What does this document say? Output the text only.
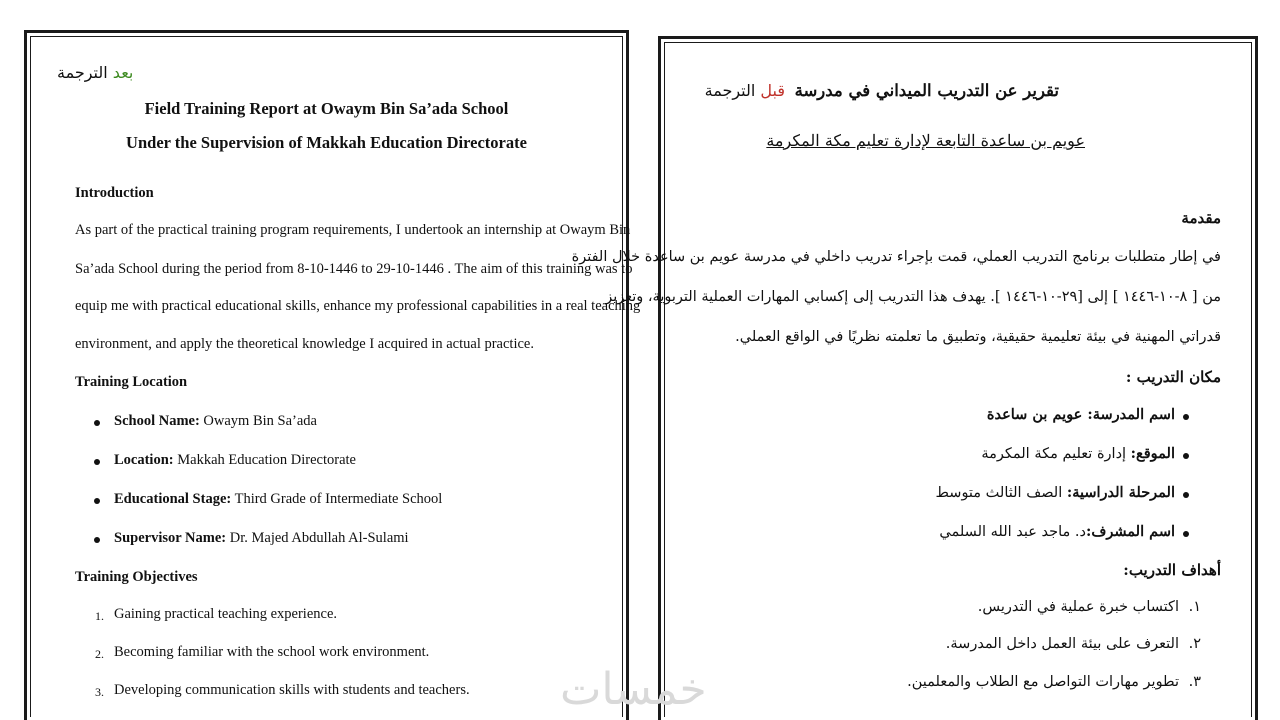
بعد الترجمة
Field Training Report at Owaym Bin Sa’ada School
Under the Supervision of Makkah Education Directorate
Introduction
As part of the practical training program requirements, I undertook an internship at Owaym Bin
Sa’ada School during the period from 8-10-1446 to 29-10-1446 . The aim of this training was to
equip me with practical educational skills, enhance my professional capabilities in a real teaching
environment, and apply the theoretical knowledge I acquired in actual practice.
Training Location
School Name: Owaym Bin Sa’ada
Location: Makkah Education Directorate
Educational Stage: Third Grade of Intermediate School
Supervisor Name: Dr. Majed Abdullah Al-Sulami
Training Objectives
1. Gaining practical teaching experience.
2. Becoming familiar with the school work environment.
3. Developing communication skills with students and teachers.
تقرير عن التدريب الميداني في مدرسة
قبل الترجمة
عويم بن ساعدة التابعة لإدارة تعليم مكة المكرمة
مقدمة
في إطار متطلبات برنامج التدريب العملي، قمت بإجراء تدريب داخلي في مدرسة عويم بن ساعدة خلال الفترة
من [ ٨-١٠-١٤٤٦ ] إلى [٢٩-١٠-١٤٤٦ ]. يهدف هذا التدريب إلى إكسابي المهارات العملية التربوية، وتعزيز
قدراتي المهنية في بيئة تعليمية حقيقية، وتطبيق ما تعلمته نظريًا في الواقع العملي.
مكان التدريب :
اسم المدرسة: عويم بن ساعدة
الموقع: إدارة تعليم مكة المكرمة
المرحلة الدراسية: الصف الثالث متوسط
اسم المشرف:د. ماجد عبد الله السلمي
أهداف التدريب:
١.
اكتساب خبرة عملية في التدريس.
٢.
التعرف على بيئة العمل داخل المدرسة.
٣.
تطوير مهارات التواصل مع الطلاب والمعلمين.
خمسات
